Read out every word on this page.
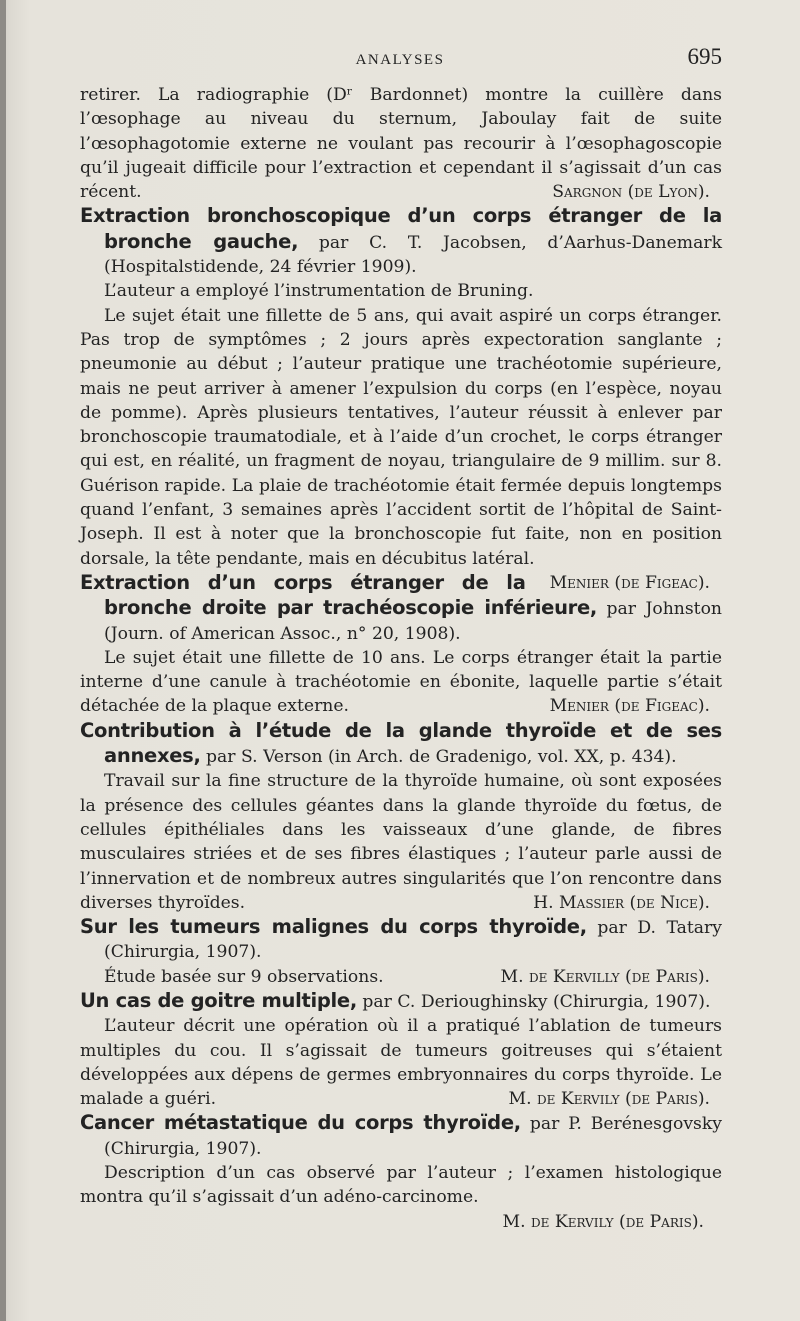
ANALYSES	695

retirer. La radiographie (Dʳ Bardonnet) montre la cuillère dans l’œsophage au niveau du sternum, Jaboulay fait de suite l’œsophagotomie externe ne voulant pas recourir à l’œsophagoscopie qu’il jugeait difficile pour l’extraction et cependant il s’agissait d’un cas récent.	Sargnon (de Lyon).

Extraction bronchoscopique d’un corps étranger de la bronche gauche, par C. T. Jacobsen, d’Aarhus-Danemark (Hospitalstidende, 24 février 1909).

L’auteur a employé l’instrumentation de Bruning.

Le sujet était une fillette de 5 ans, qui avait aspiré un corps étranger. Pas trop de symptômes ; 2 jours après expectoration sanglante ; pneumonie au début ; l’auteur pratique une trachéotomie supérieure, mais ne peut arriver à amener l’expulsion du corps (en l’espèce, noyau de pomme). Après plusieurs tentatives, l’auteur réussit à enlever par bronchoscopie traumatodiale, et à l’aide d’un crochet, le corps étranger qui est, en réalité, un fragment de noyau, triangulaire de 9 millim. sur 8. Guérison rapide. La plaie de trachéotomie était fermée depuis longtemps quand l’enfant, 3 semaines après l’accident sortit de l’hôpital de Saint-Joseph. Il est à noter que la bronchoscopie fut faite, non en position dorsale, la tête pendante, mais en décubitus latéral.
Menier (de Figeac).

Extraction d’un corps étranger de la bronche droite par trachéoscopie inférieure, par Johnston (Journ. of American Assoc., n° 20, 1908).

Le sujet était une fillette de 10 ans. Le corps étranger était la partie interne d’une canule à trachéotomie en ébonite, laquelle partie s’était détachée de la plaque externe.	Menier (de Figeac).

Contribution à l’étude de la glande thyroïde et de ses annexes, par S. Verson (in Arch. de Gradenigo, vol. XX, p. 434).

Travail sur la fine structure de la thyroïde humaine, où sont exposées la présence des cellules géantes dans la glande thyroïde du fœtus, de cellules épithéliales dans les vaisseaux d’une glande, de fibres musculaires striées et de ses fibres élastiques ; l’auteur parle aussi de l’innervation et de nombreux autres singularités que l’on rencontre dans diverses thyroïdes.	H. Massier (de Nice).

Sur les tumeurs malignes du corps thyroïde, par D. Tatary (Chirurgia, 1907).

Étude basée sur 9 observations.	M. de Kervilly (de Paris).

Un cas de goitre multiple, par C. Derioughinsky (Chirurgia, 1907).

L’auteur décrit une opération où il a pratiqué l’ablation de tumeurs multiples du cou. Il s’agissait de tumeurs goitreuses qui s’étaient développées aux dépens de germes embryonnaires du corps thyroïde. Le malade a guéri.	M. de Kervily (de Paris).

Cancer métastatique du corps thyroïde, par P. Berénesgovsky (Chirurgia, 1907).

Description d’un cas observé par l’auteur ; l’examen histologique montra qu’il s’agissait d’un adéno-carcinome.

M. de Kervily (de Paris).
